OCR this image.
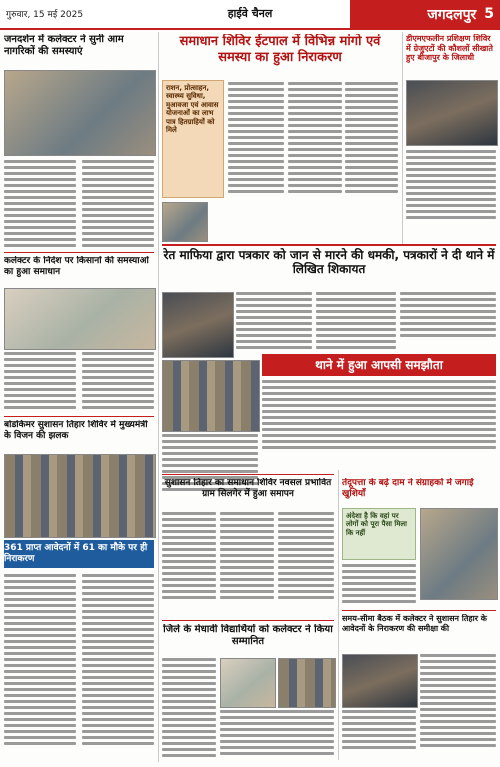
गुरुवार, 15 मई 2025	हाईवे चैनल	जगदलपुर 5
जनदर्शन में कलेक्टर ने सुनी आम नागरिकों की समस्याएं
कलेक्टर के निर्देश पर किसानों की समस्याओं का हुआ समाधान
बोडकिमर सुशासन तिहार शिविर में मुख्यमंत्री के विजन की झलक
361 प्राप्त आवेदनों में 61 का मौके पर ही निराकरण
समाधान शिविर ईटपाल में विभिन्न मांगो एवं समस्या का हुआ निराकरण
राशन, प्रोत्साहन, स्वास्थ्य सुविधा, मुआवजा एवं आवास योजनाओं का लाभ पात्र हितग्राहियों को मिले
डीएमएफलीन प्रशिक्षण शिविर में ग्रेजुएटों की कौशलों सीखाते हुए बीजापुर के जिलाधी
रेत माफिया द्वारा पत्रकार को जान से मारने की धमकी, पत्रकारों ने दी थाने में लिखित शिकायत
थाने में हुआ आपसी समझौता
सुशासन तिहार का समाधान शिविर नवसल प्रभावित ग्राम सिलगेर में हुआ समापन
तेंदूपत्ता के बढ़े दाम ने संग्राहकों में जगाईं खुशियाँ
अंदेशा है कि वहां पर लोगों को पूरा पैसा मिला कि नहीं
जिले के मेधावी विद्यार्थियों को कलेक्टर ने किया सम्मानित
समय-सीमा बैठक में कलेक्टर ने सुशासन तिहार के आवेदनों के निराकरण की समीक्षा की
